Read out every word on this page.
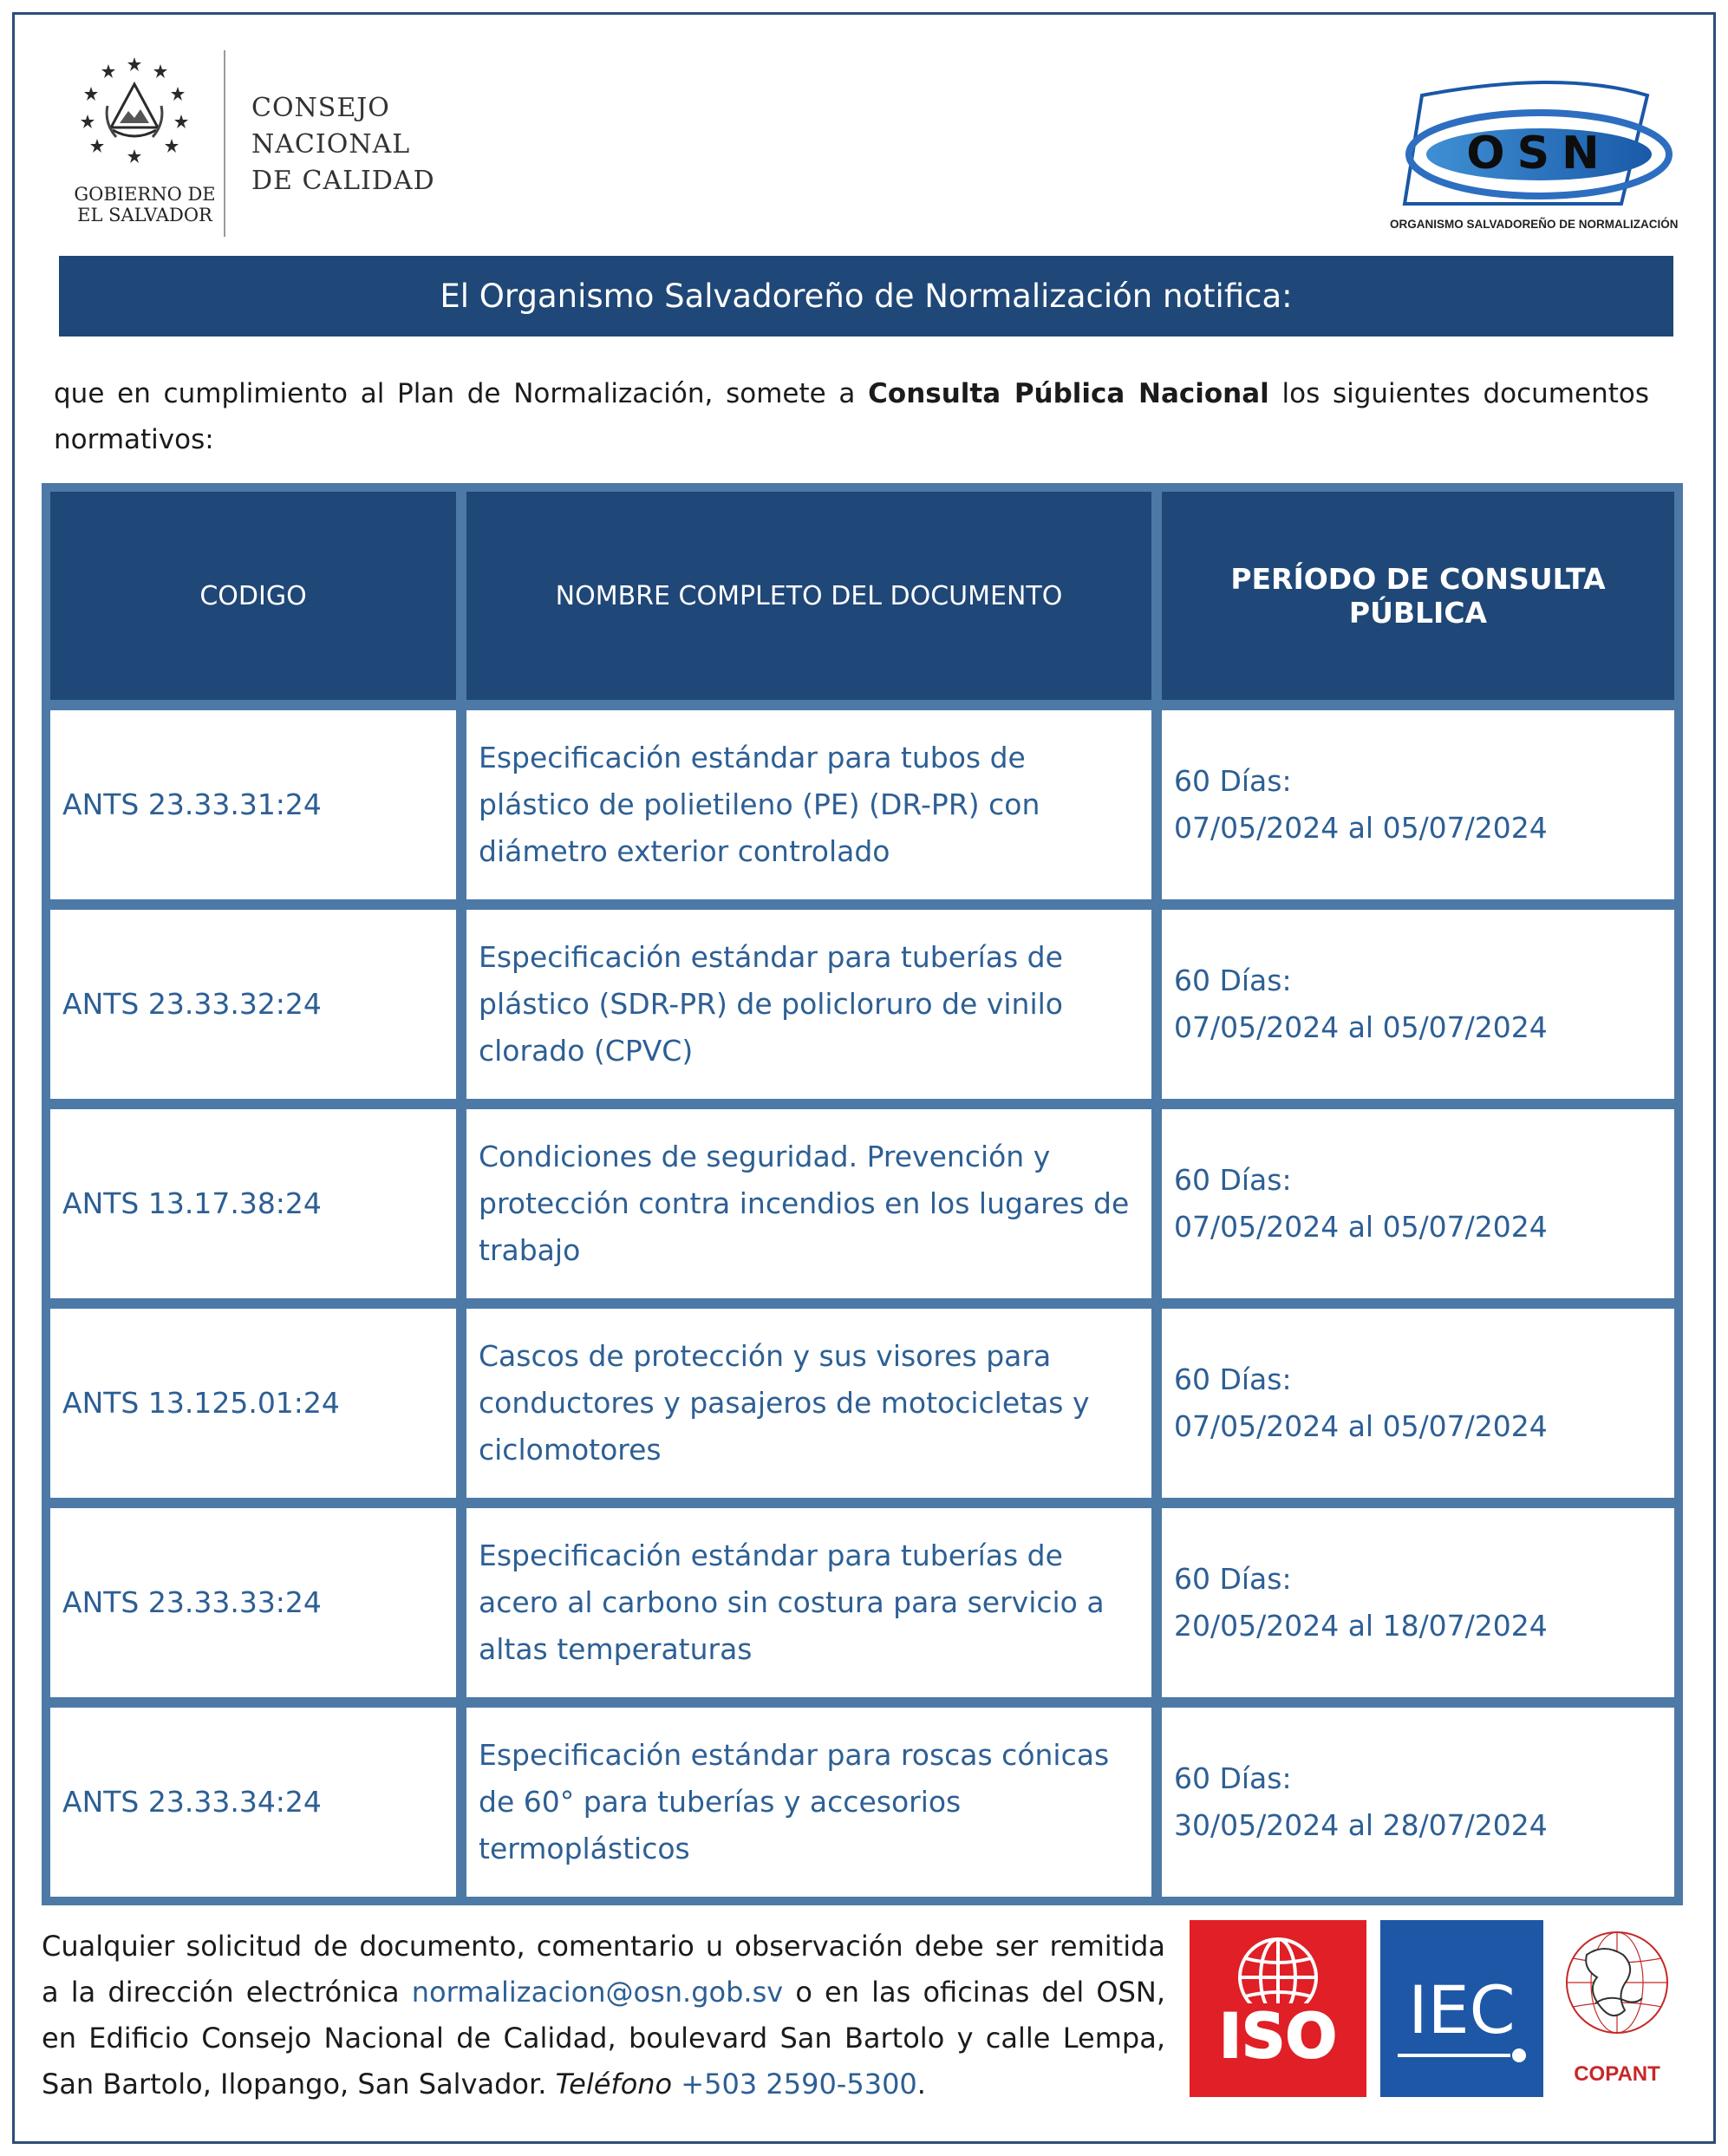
GOBIERNO DE
EL SALVADOR
CONSEJO
NACIONAL
DE CALIDAD
OSN
ORGANISMO SALVADOREÑO DE NORMALIZACIÓN
El Organismo Salvadoreño de Normalización notifica:
que en cumplimiento al Plan de Normalización, somete a Consulta Pública Nacional los siguientes documentos normativos:
CODIGO	NOMBRE COMPLETO DEL DOCUMENTO	PERÍODO DE CONSULTA PÚBLICA
ANTS 23.33.31:24	Especificación estándar para tubos de plástico de polietileno (PE) (DR-PR) con diámetro exterior controlado	60 Días:
07/05/2024 al 05/07/2024

ANTS 23.33.32:24	Especificación estándar para tuberías de plástico (SDR-PR) de policloruro de vinilo clorado (CPVC)	60 Días:
07/05/2024 al 05/07/2024

ANTS 13.17.38:24	Condiciones de seguridad. Prevención y protección contra incendios en los lugares de trabajo	60 Días:
07/05/2024 al 05/07/2024

ANTS 13.125.01:24	Cascos de protección y sus visores para conductores y pasajeros de motocicletas y ciclomotores	60 Días:
07/05/2024 al 05/07/2024

ANTS 23.33.33:24	Especificación estándar para tuberías de acero al carbono sin costura para servicio a altas temperaturas	60 Días:
20/05/2024 al 18/07/2024

ANTS 23.33.34:24	Especificación estándar para roscas cónicas de 60° para tuberías y accesorios termoplásticos	60 Días:
30/05/2024 al 28/07/2024
Cualquier solicitud de documento, comentario u observación debe ser remitida a la dirección electrónica normalizacion@osn.gob.sv o en las oficinas del OSN, en Edificio Consejo Nacional de Calidad, boulevard San Bartolo y calle Lempa, San Bartolo, Ilopango, San Salvador. Teléfono +503 2590-5300.
ISO IEC
COPANT
